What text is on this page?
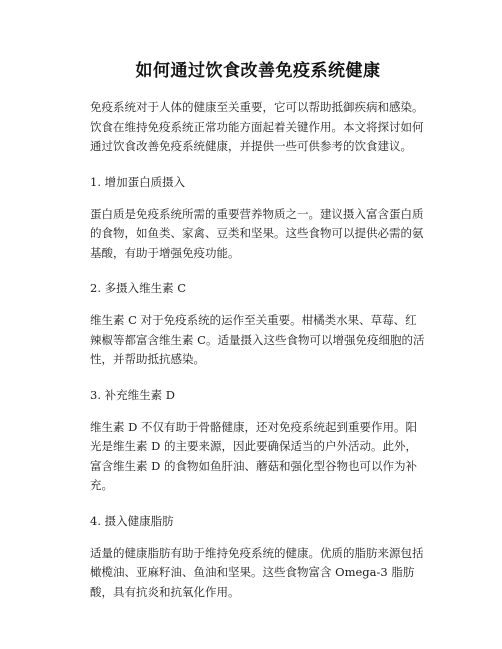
如何通过饮食改善免疫系统健康

免疫系统对于人体的健康至关重要，它可以帮助抵御疾病和感染。饮食在维持免疫系统正常功能方面起着关键作用。本文将探讨如何通过饮食改善免疫系统健康，并提供一些可供参考的饮食建议。

1. 增加蛋白质摄入

蛋白质是免疫系统所需的重要营养物质之一。建议摄入富含蛋白质的食物，如鱼类、家禽、豆类和坚果。这些食物可以提供必需的氨基酸，有助于增强免疫功能。

2. 多摄入维生素 C

维生素 C 对于免疫系统的运作至关重要。柑橘类水果、草莓、红辣椒等都富含维生素 C。适量摄入这些食物可以增强免疫细胞的活性，并帮助抵抗感染。

3. 补充维生素 D

维生素 D 不仅有助于骨骼健康，还对免疫系统起到重要作用。阳光是维生素 D 的主要来源，因此要确保适当的户外活动。此外，富含维生素 D 的食物如鱼肝油、蘑菇和强化型谷物也可以作为补充。

4. 摄入健康脂肪

适量的健康脂肪有助于维持免疫系统的健康。优质的脂肪来源包括橄榄油、亚麻籽油、鱼油和坚果。这些食物富含 Omega-3 脂肪酸，具有抗炎和抗氧化作用。
